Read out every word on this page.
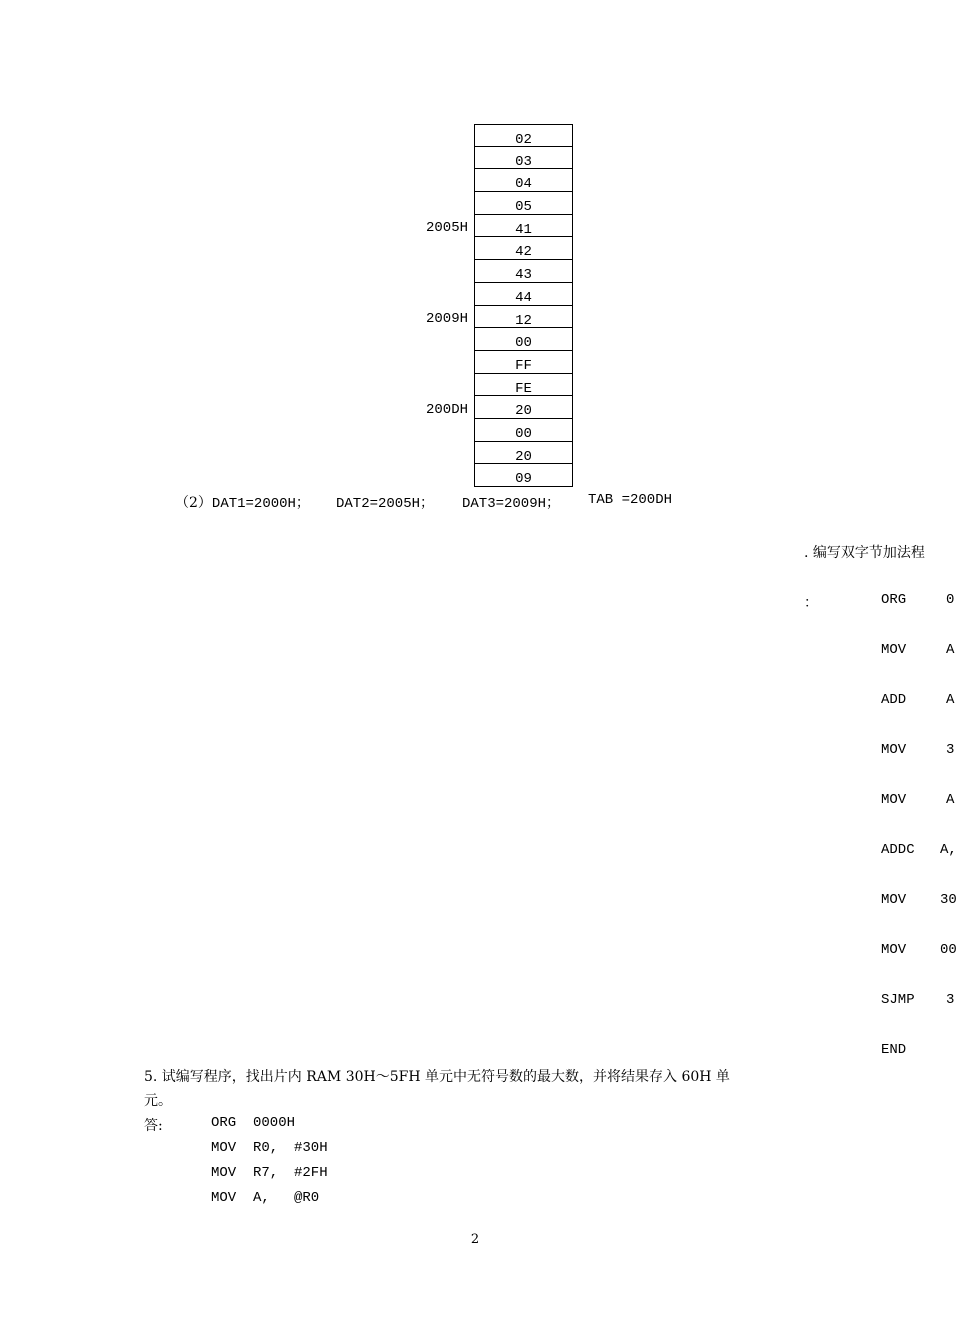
02
03
04
05
41
42
43
44
12
00
FF
FE
20
00
20
09
2005H
2009H
200DH
（2）DAT1=2000H； DAT2=2005H； DAT3=2009H； TAB =200DH
. 编写双字节加法程
：	ORG
MOV
ADD
MOV
MOV
ADDC
MOV
MOV
SJMP
END
0
A
A
3
A
A,
30
00
3
5. 试编写程序，找出片内 RAM 30H～5FH 单元中无符号数的最大数，并将结果存入 60H 单
元。
答:	ORG 0000H
MOV R0, #30H
MOV R7, #2FH
MOV A, @R0
2
